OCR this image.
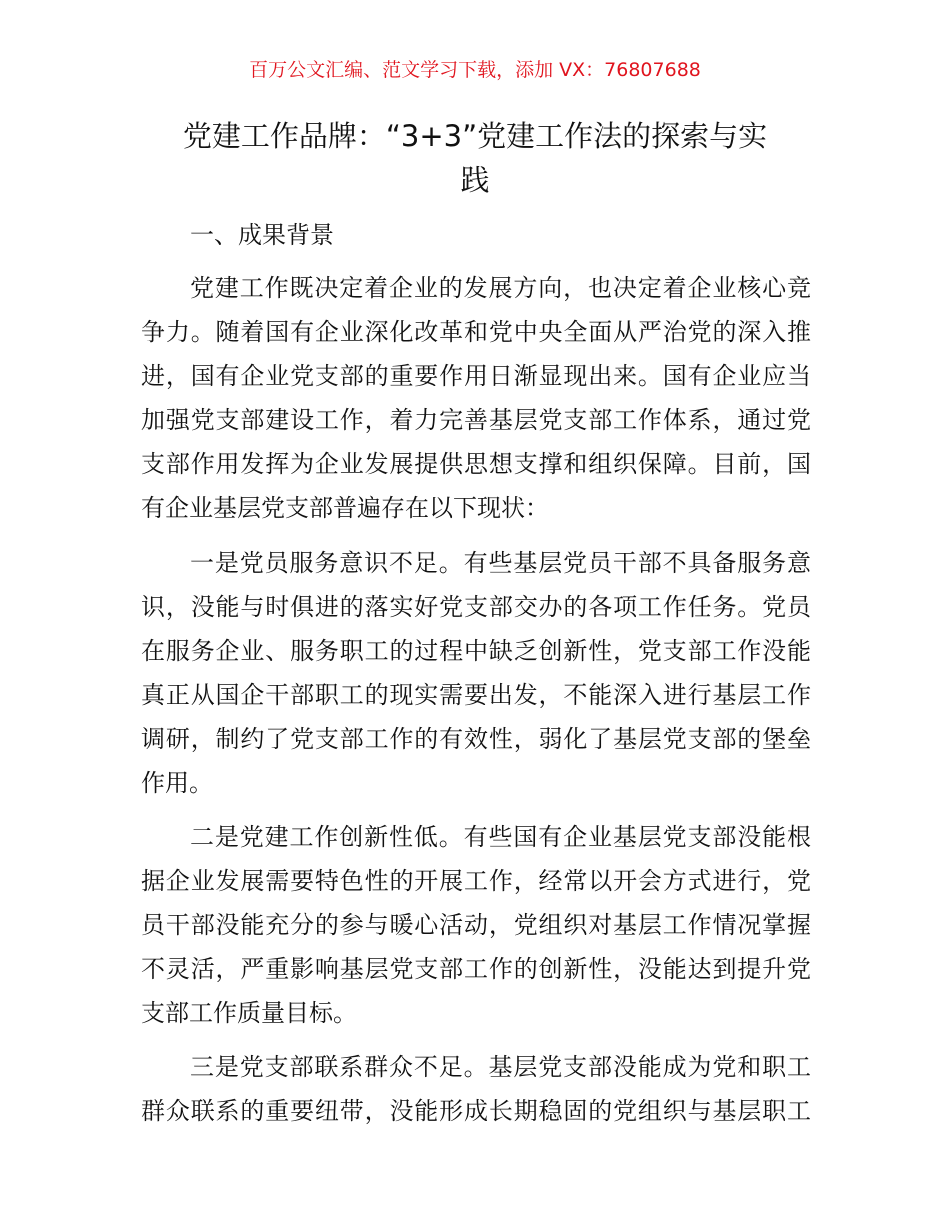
百万公文汇编、范文学习下载，添加 VX：76807688
党建工作品牌：“3+3”党建工作法的探索与实
践
一、成果背景
党建工作既决定着企业的发展方向，也决定着企业核心竞
争力。随着国有企业深化改革和党中央全面从严治党的深入推
进，国有企业党支部的重要作用日渐显现出来。国有企业应当
加强党支部建设工作，着力完善基层党支部工作体系，通过党
支部作用发挥为企业发展提供思想支撑和组织保障。目前，国
有企业基层党支部普遍存在以下现状：
一是党员服务意识不足。有些基层党员干部不具备服务意
识，没能与时俱进的落实好党支部交办的各项工作任务。党员
在服务企业、服务职工的过程中缺乏创新性，党支部工作没能
真正从国企干部职工的现实需要出发，不能深入进行基层工作
调研，制约了党支部工作的有效性，弱化了基层党支部的堡垒
作用。
二是党建工作创新性低。有些国有企业基层党支部没能根
据企业发展需要特色性的开展工作，经常以开会方式进行，党
员干部没能充分的参与暖心活动，党组织对基层工作情况掌握
不灵活，严重影响基层党支部工作的创新性，没能达到提升党
支部工作质量目标。
三是党支部联系群众不足。基层党支部没能成为党和职工
群众联系的重要纽带，没能形成长期稳固的党组织与基层职工
